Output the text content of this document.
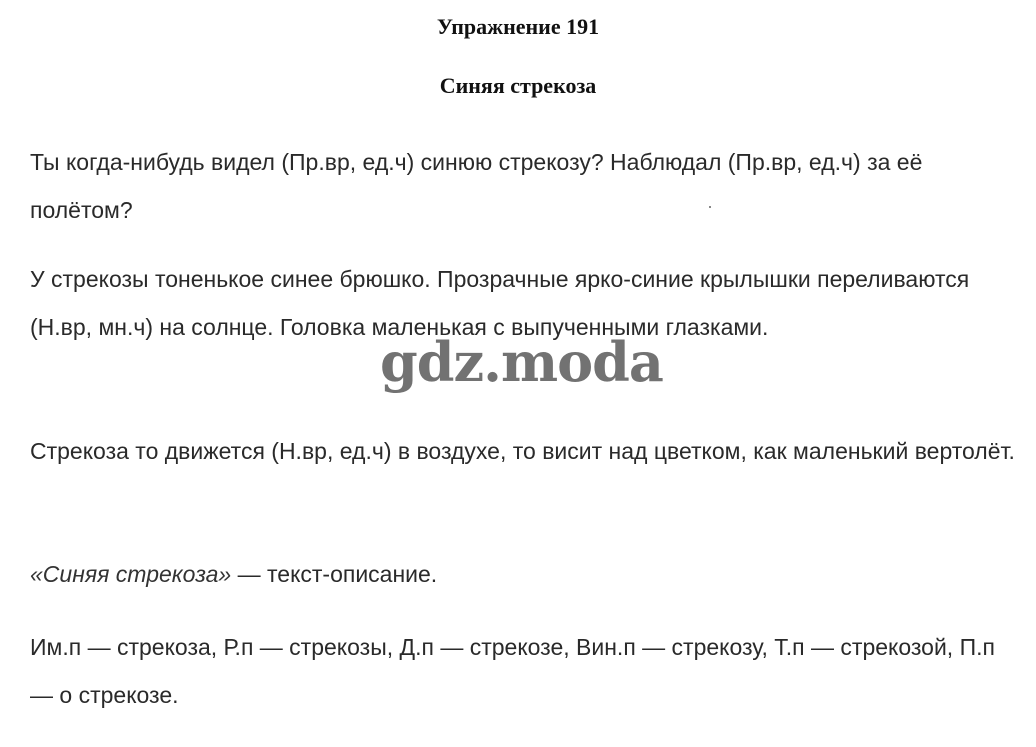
Упражнение 191
Синяя стрекоза

Ты когда-нибудь видел (Пр.вр, ед.ч) синюю стрекозу? Наблюдал (Пр.вр, ед.ч) за её полётом?

У стрекозы тоненькое синее брюшко. Прозрачные ярко-синие крылышки переливаются (Н.вр, мн.ч) на солнце. Головка маленькая с выпученными глазками.

Стрекоза то движется (Н.вр, ед.ч) в воздухе, то висит над цветком, как маленький вертолёт.

«Синяя стрекоза» — текст-описание.

Им.п — стрекоза, Р.п — стрекозы, Д.п — стрекозе, Вин.п — стрекозу, Т.п — стрекозой, П.п — о стрекозе.

gdz.moda
